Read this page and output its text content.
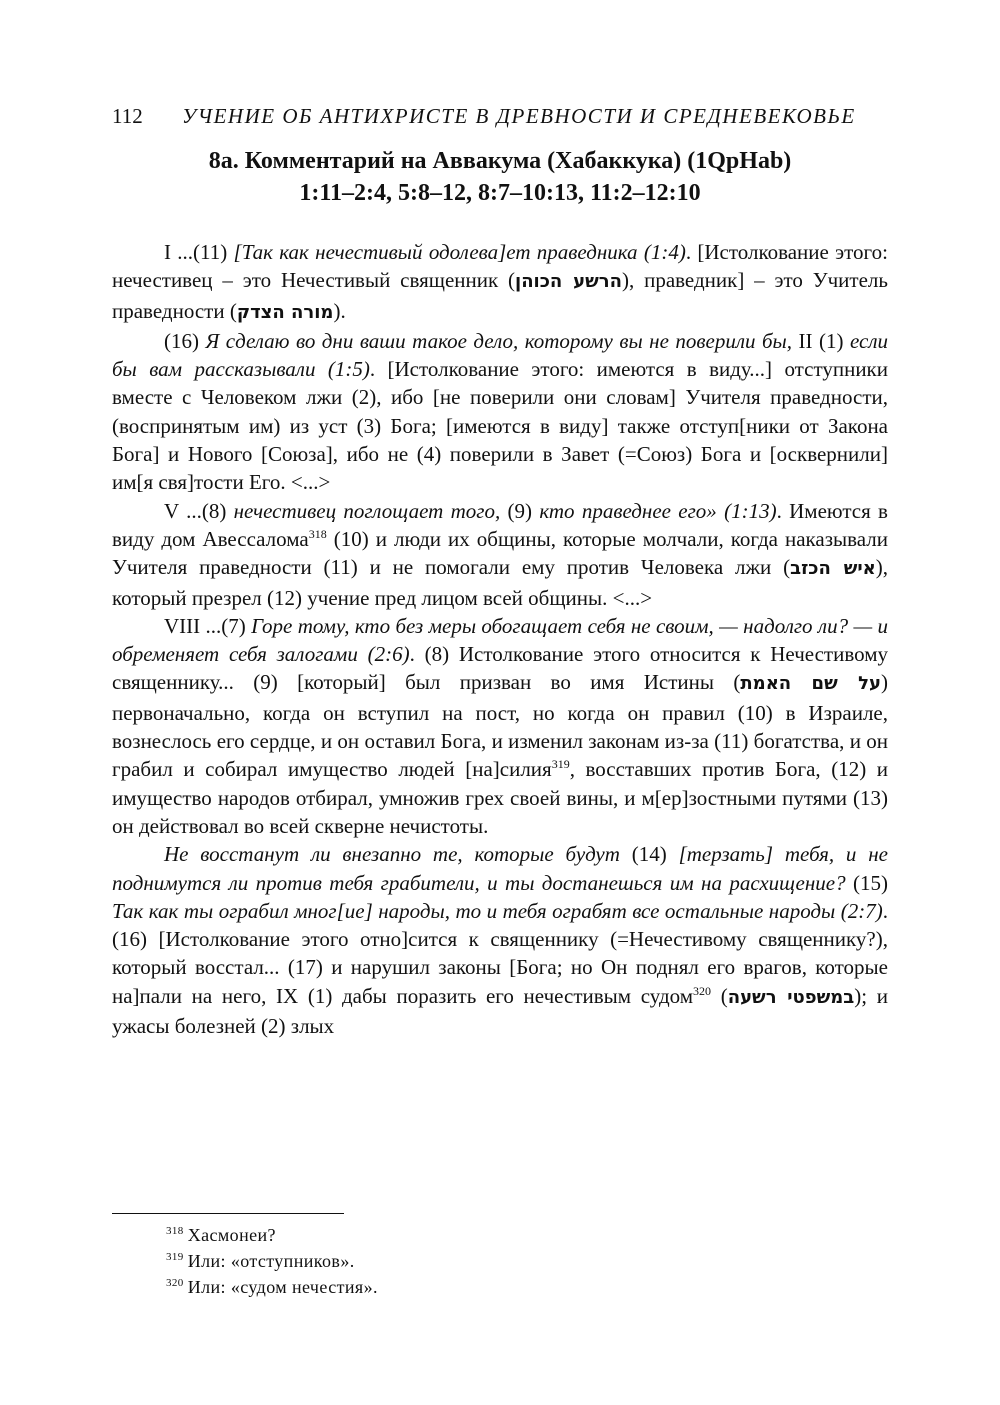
112 УЧЕНИЕ ОБ АНТИХРИСТЕ В ДРЕВНОСТИ И СРЕДНЕВЕКОВЬЕ
8а. Комментарий на Аввакума (Хабаккука) (1QpHab)
1:11–2:4, 5:8–12, 8:7–10:13, 11:2–12:10

I ...(11) [Так как нечестивый одолева]ет праведника (1:4). [Истолкование этого: нечестивец – это Нечестивый священник (הרשע הכוהן), праведник] – это Учитель праведности (מורה הצדק).

(16) Я сделаю во дни ваши такое дело, которому вы не поверили бы, II (1) если бы вам рассказывали (1:5). [Истолкование этого: имеются в виду...] отступники вместе с Человеком лжи (2), ибо [не поверили они словам] Учителя праведности, (воспринятым им) из уст (3) Бога; [имеются в виду] также отступ[ники от Закона Бога] и Нового [Союза], ибо не (4) поверили в Завет (=Союз) Бога и [осквернили] им[я свя]тости Его. <...>

V ...(8) нечестивец поглощает того, (9) кто праведнее его» (1:13). Имеются в виду дом Авессалома$^{318}$ (10) и люди их общины, которые молчали, когда наказывали Учителя праведности (11) и не помогали ему против Человека лжи (איש הכזב), который презрел (12) учение пред лицом всей общины. <...>

VIII ...(7) Горе тому, кто без меры обогащает себя не своим, — надолго ли? — и обременяет себя залогами (2:6). (8) Истолкование этого относится к Нечестивому священнику... (9) [который] был призван во имя Истины (על שם האמת) первоначально, когда он вступил на пост, но когда он правил (10) в Израиле, вознеслось его сердце, и он оставил Бога, и изменил законам из-за (11) богатства, и он грабил и собирал имущество людей [на]силия$^{319}$, восставших против Бога, (12) и имущество народов отбирал, умножив грех своей вины, и м[ер]зостными путями (13) он действовал во всей скверне нечистоты.

Не восстанут ли внезапно те, которые будут (14) [терзать] тебя, и не поднимутся ли против тебя грабители, и ты достанешься им на расхищение? (15) Так как ты ограбил мног[ие] народы, то и тебя ограбят все остальные народы (2:7). (16) [Истолкование этого отно]сится к священнику (=Нечестивому священнику?), который восстал... (17) и нарушил законы [Бога; но Он поднял его врагов, которые на]пали на него, IX (1) дабы поразить его нечестивым судом$^{320}$ (במשפטי רשעה); и ужасы болезней (2) злых

$^{318}$ Хасмонеи?
$^{319}$ Или: «отступников».
$^{320}$ Или: «судом нечестия».
